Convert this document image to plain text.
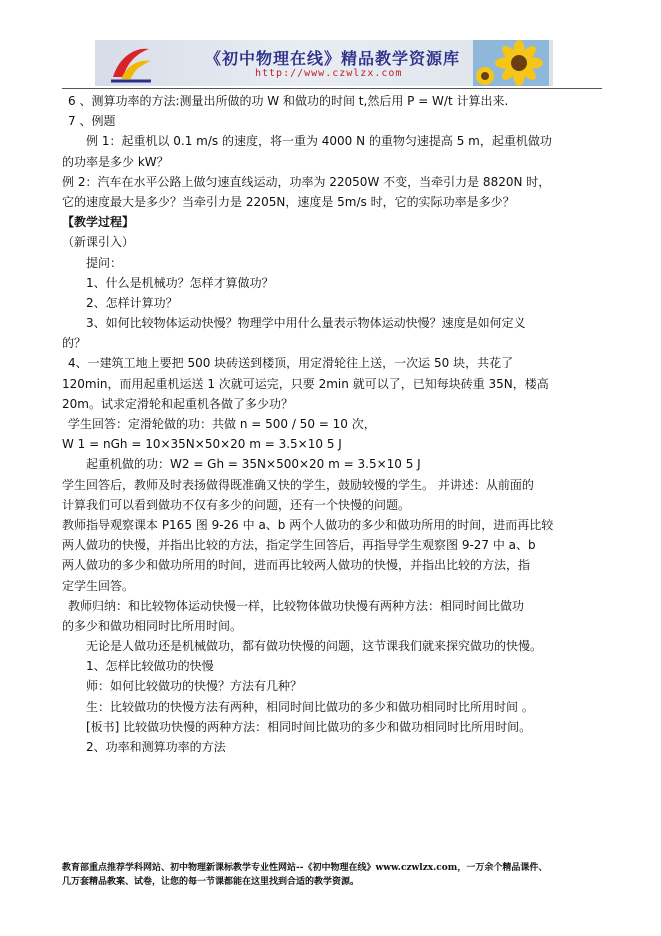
《初中物理在线》精品教学资源库
http://www.czwlzx.com
6 、测算功率的方法:测量出所做的功 W 和做功的时间 t,然后用 P = W/t 计算出来.
7 、例题
例 1：起重机以 0.1 m/s 的速度，将一重为 4000 N 的重物匀速提高 5 m，起重机做功
的功率是多少 kW？
例 2：汽车在水平公路上做匀速直线运动，功率为 22050W 不变，当牵引力是 8820N 时，
它的速度最大是多少？当牵引力是 2205N，速度是 5m/s 时，它的实际功率是多少？
【教学过程】
（新课引入）
提问：
1、什么是机械功？怎样才算做功？
2、怎样计算功？
3、如何比较物体运动快慢？物理学中用什么量表示物体运动快慢？速度是如何定义
的？
4、一建筑工地上要把 500 块砖送到楼顶，用定滑轮往上送，一次运 50 块，共花了
120min，而用起重机运送 1 次就可运完，只要 2min 就可以了，已知每块砖重 35N，楼高
20m。试求定滑轮和起重机各做了多少功？
学生回答：定滑轮做的功：共做 n = 500 / 50 = 10 次，
W 1 = nGh = 10×35N×50×20 m = 3.5×10 5 J
起重机做的功：W2 = Gh = 35N×500×20 m = 3.5×10 5 J
学生回答后，教师及时表扬做得既准确又快的学生，鼓励较慢的学生。 并讲述：从前面的
计算我们可以看到做功不仅有多少的问题，还有一个快慢的问题。
教师指导观察课本 P165 图 9-26 中 a、b 两个人做功的多少和做功所用的时间，进而再比较
两人做功的快慢，并指出比较的方法，指定学生回答后，再指导学生观察图 9-27 中 a、b
两人做功的多少和做功所用的时间，进而再比较两人做功的快慢，并指出比较的方法，指
定学生回答。
教师归纳：和比较物体运动快慢一样，比较物体做功快慢有两种方法：相同时间比做功
的多少和做功相同时比所用时间。
无论是人做功还是机械做功，都有做功快慢的问题，这节课我们就来探究做功的快慢。
1、怎样比较做功的快慢
师：如何比较做功的快慢？方法有几种？
生：比较做功的快慢方法有两种，相同时间比做功的多少和做功相同时比所用时间 。
[板书] 比较做功快慢的两种方法：相同时间比做功的多少和做功相同时比所用时间。
2、功率和测算功率的方法
教育部重点推荐学科网站、初中物理新课标教学专业性网站--《初中物理在线》www.czwlzx.com，一万余个精品课件、
几万套精品教案、试卷，让您的每一节课都能在这里找到合适的教学资源。
